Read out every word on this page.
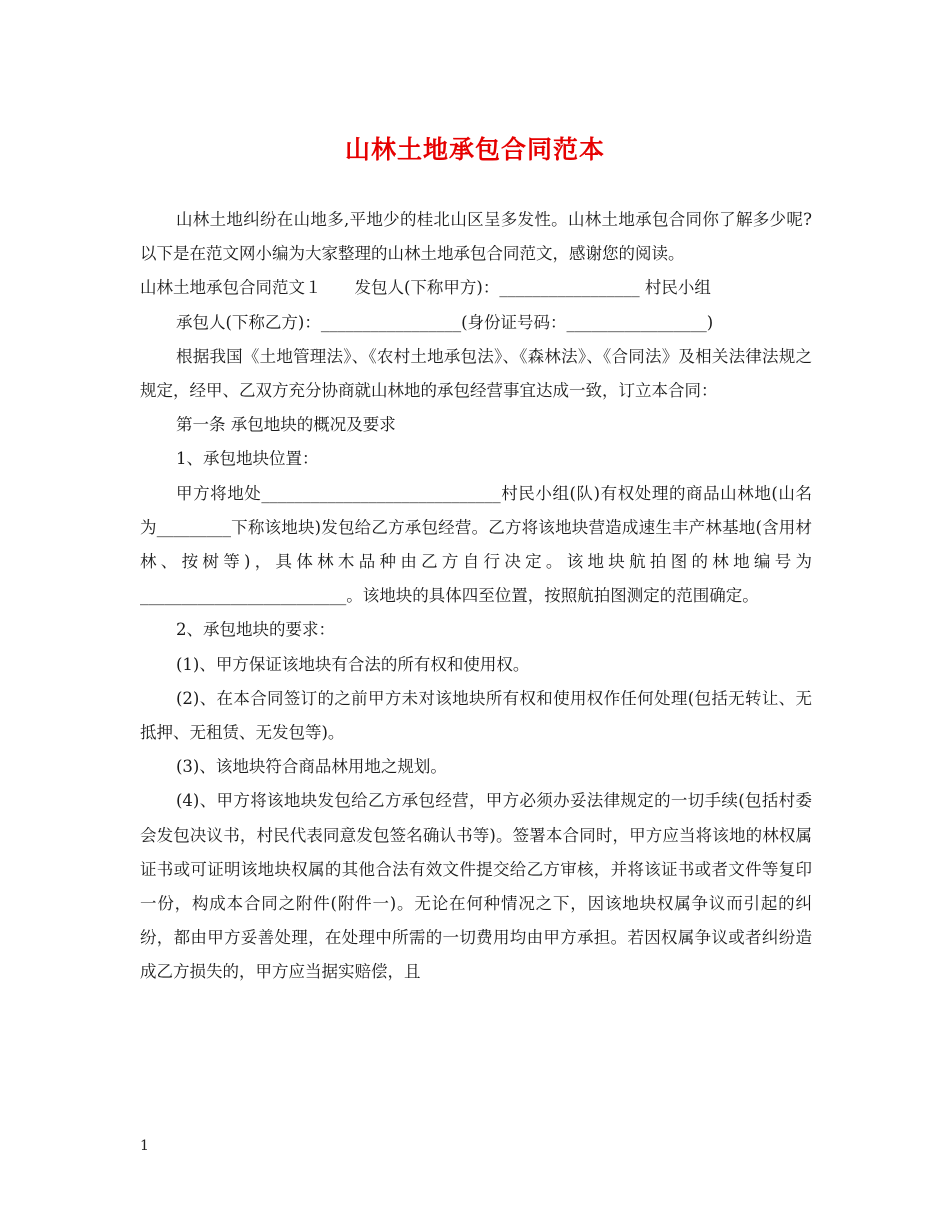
山林土地承包合同范本

山林土地纠纷在山地多,平地少的桂北山区呈多发性。山林土地承包合同你了解多少呢?以下是在范文网小编为大家整理的山林土地承包合同范文，感谢您的阅读。

山林土地承包合同范文１　　发包人(下称甲方)：_________________ 村民小组

承包人(下称乙方)：_________________(身份证号码：_________________)

根据我国《土地管理法》、《农村土地承包法》、《森林法》、《合同法》及相关法律法规之规定，经甲、乙双方充分协商就山林地的承包经营事宜达成一致，订立本合同：

第一条 承包地块的概况及要求

1、承包地块位置：

甲方将地处_____________________________村民小组(队)有权处理的商品山林地(山名为_________下称该地块)发包给乙方承包经营。乙方将该地块营造成速生丰产林基地(含用材林、按树等)，具体林木品种由乙方自行决定。该地块航拍图的林地编号为_________________________。该地块的具体四至位置，按照航拍图测定的范围确定。

2、承包地块的要求：

(1)、甲方保证该地块有合法的所有权和使用权。

(2)、在本合同签订的之前甲方未对该地块所有权和使用权作任何处理(包括无转让、无抵押、无租赁、无发包等)。

(3)、该地块符合商品林用地之规划。

(4)、甲方将该地块发包给乙方承包经营，甲方必须办妥法律规定的一切手续(包括村委会发包决议书，村民代表同意发包签名确认书等)。签署本合同时，甲方应当将该地的林权属证书或可证明该地块权属的其他合法有效文件提交给乙方审核，并将该证书或者文件等复印一份，构成本合同之附件(附件一)。无论在何种情况之下，因该地块权属争议而引起的纠纷，都由甲方妥善处理，在处理中所需的一切费用均由甲方承担。若因权属争议或者纠纷造成乙方损失的，甲方应当据实赔偿，且

1
